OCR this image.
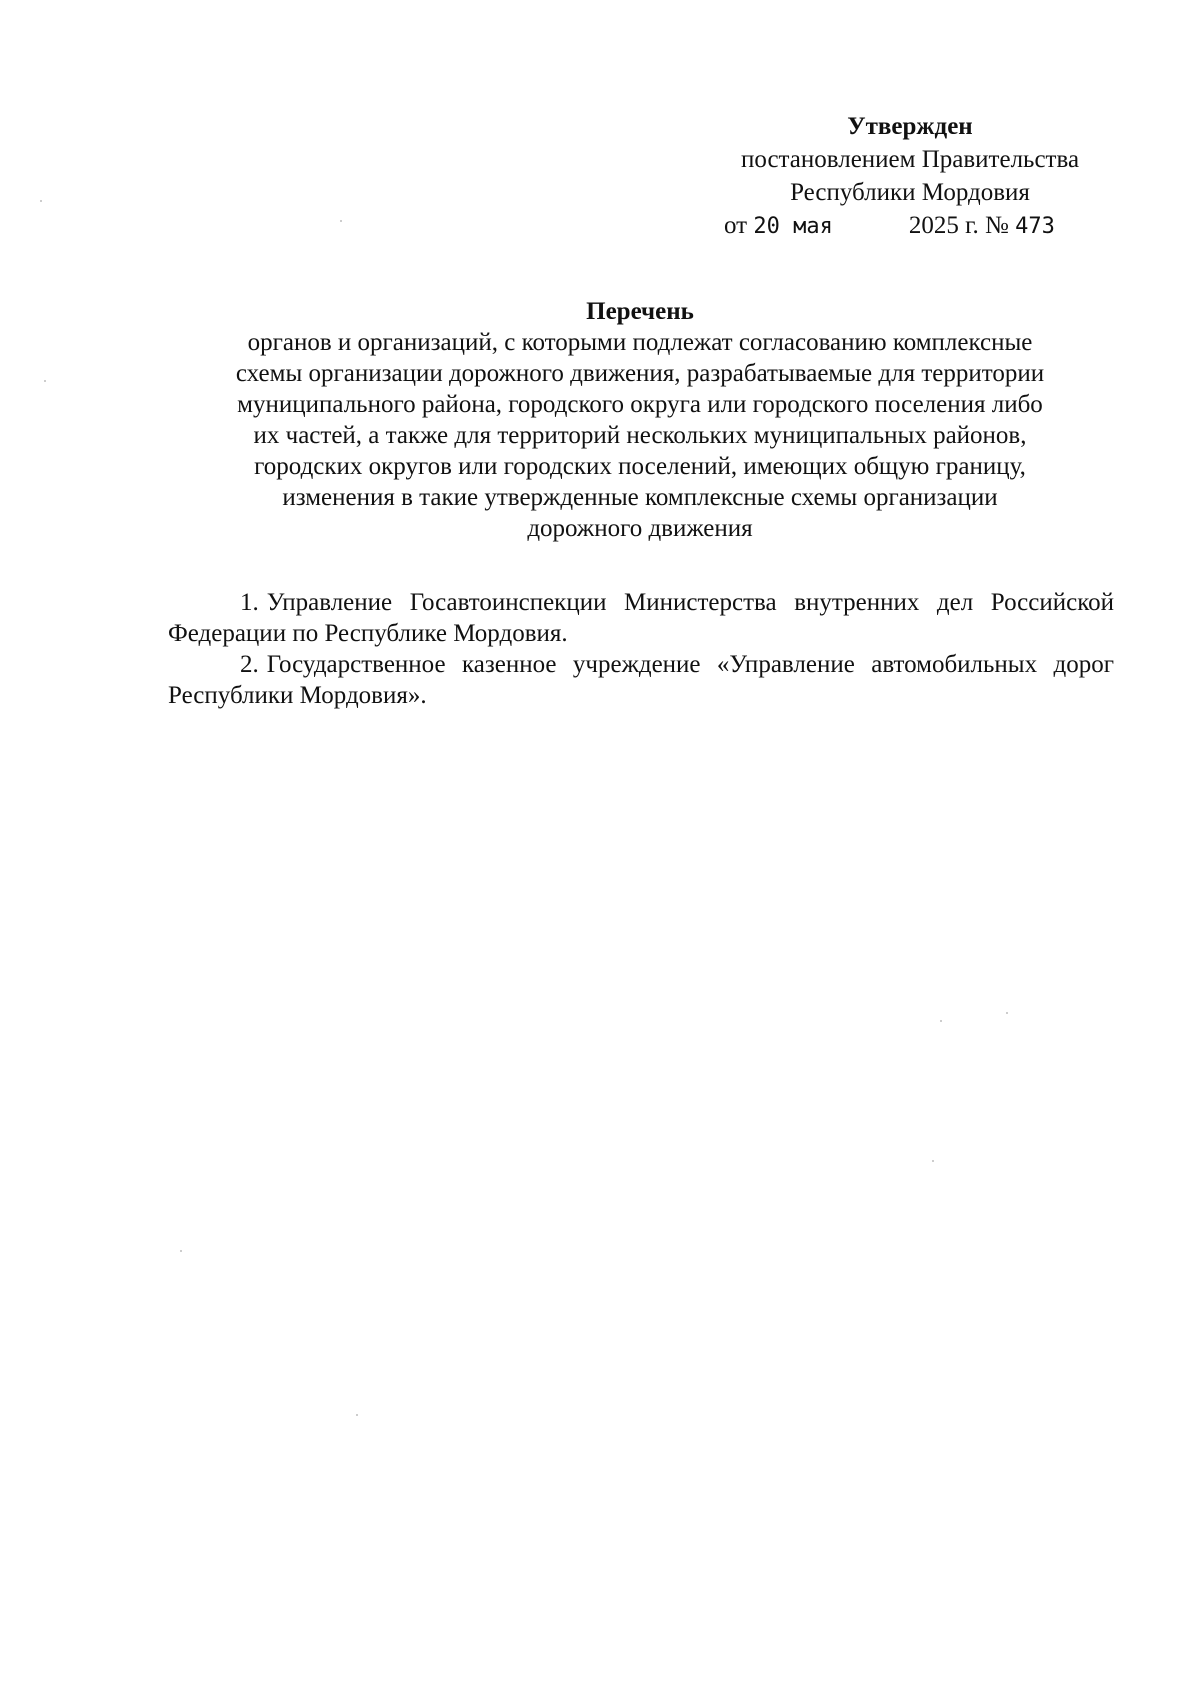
Утвержден
постановлением Правительства
Республики Мордовия
от 20 мая	2025 г. № 473
Перечень
органов и организаций, с которыми подлежат согласованию комплексные
схемы организации дорожного движения, разрабатываемые для территории
муниципального района, городского округа или городского поселения либо
их частей, а также для территорий нескольких муниципальных районов,
городских округов или городских поселений, имеющих общую границу,
изменения в такие утвержденные комплексные схемы организации
дорожного движения

1. Управление Госавтоинспекции Министерства внутренних дел Российской Федерации по Республике Мордовия.

2. Государственное казенное учреждение «Управление автомобильных дорог Республики Мордовия».
